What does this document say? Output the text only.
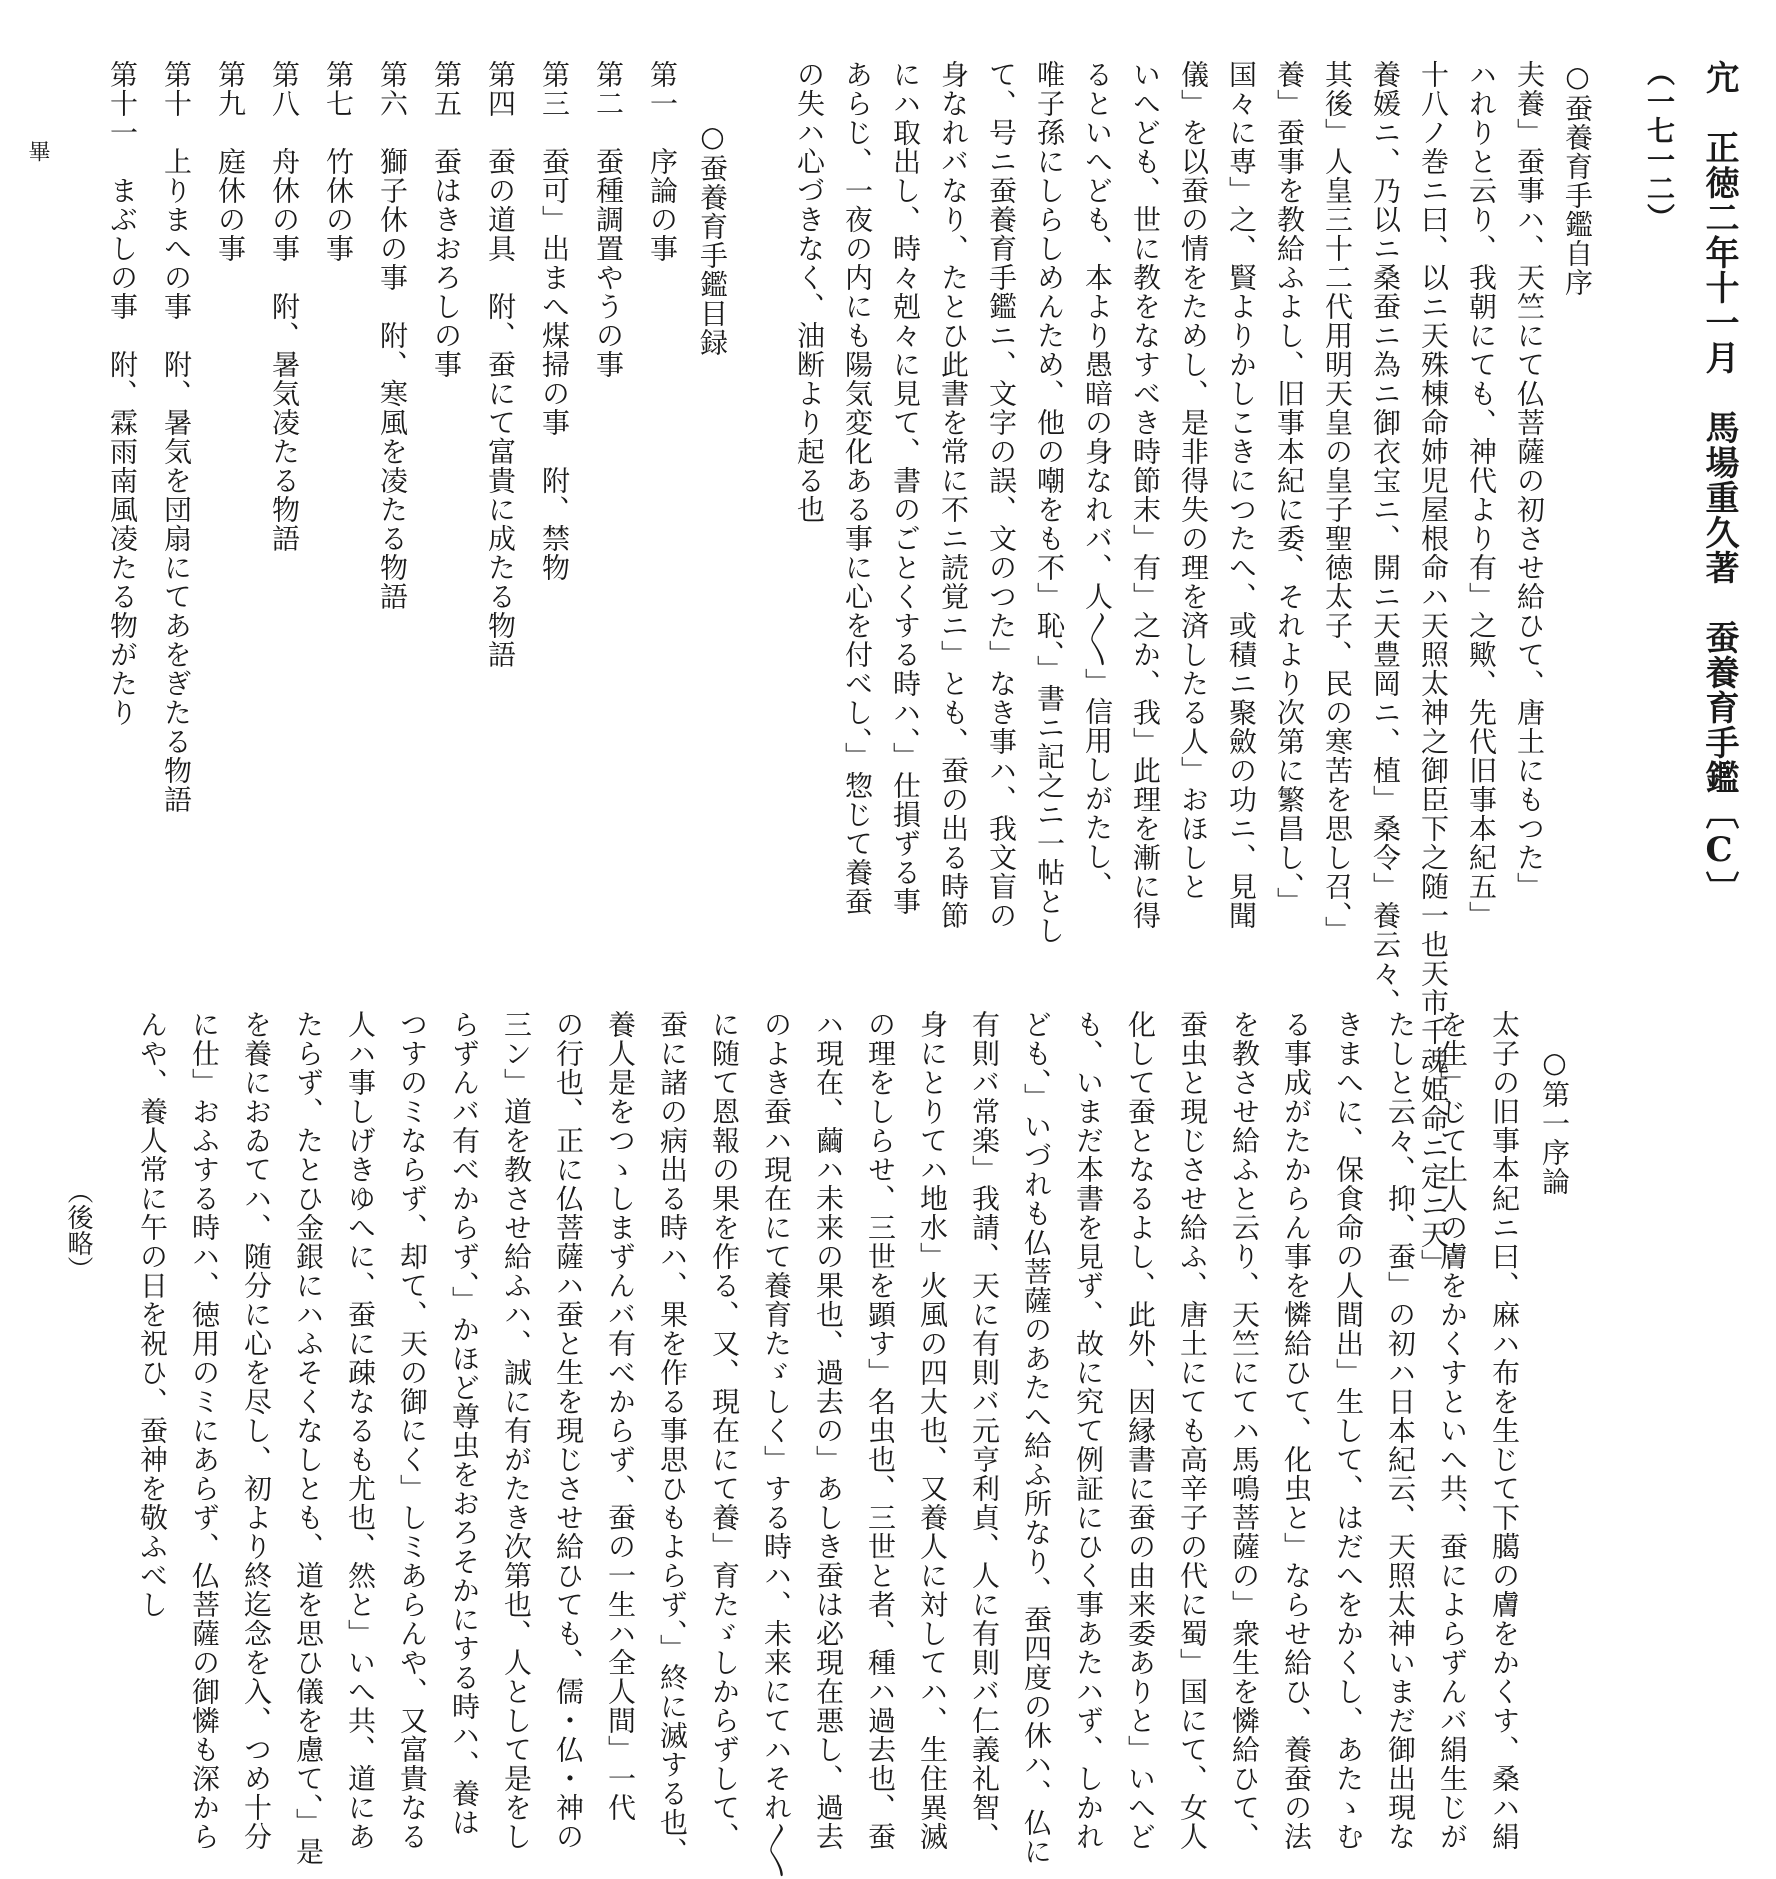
（一七一二） 宂　正徳二年十一月　馬場重久著　蚕養育手鑑〔C〕
○蚕養育手鑑自序
夫養」蚕事ハ、天竺にて仏菩薩の初させ給ひて、唐土にもつた」
ハれりと云り、我朝にても、神代より有」之歟、先代旧事本紀五」
十八ノ巻ニ曰、以ニ天殊棟命姉児屋根命ハ天照太神之御臣下之随一也天市千魂姫命ニ定ニ天」
養媛ニ、乃以ニ桑蚕ニ為ニ御衣宝ニ、開ニ天豊岡ニ、植」桑令」養云々、
其後」人皇三十二代用明天皇の皇子聖徳太子、民の寒苦を思し召、」
養」蚕事を教給ふよし、旧事本紀に委、それより次第に繁昌し、」
国々に専」之、賢よりかしこきにつたへ、或積ニ聚斂の功ニ、見聞
儀」を以蚕の情をためし、是非得失の理を済したる人」おほしと
いへども、世に教をなすべき時節末」有」之か、我」此理を漸に得
るといへども、本より愚暗の身なれバ、人〳〵」信用しがたし、
唯子孫にしらしめんため、他の嘲をも不」恥、」書ニ記之ニ一帖とし
て、号ニ蚕養育手鑑ニ、文字の誤、文のつた」なき事ハ、我文盲の
身なれバなり、たとひ此書を常に不ニ読覚ニ」とも、蚕の出る時節
にハ取出し、時々剋々に見て、書のごとくする時ハ、」仕損ずる事
あらじ、一夜の内にも陽気変化ある事に心を付べし、」惣じて養蚕
の失ハ心づきなく、油断より起る也
○蚕養育手鑑目録
第一　序論の事
第二　蚕種調置やうの事
第三　蚕可」出まへ煤掃の事　附、禁物
第四　蚕の道具　附、蚕にて富貴に成たる物語
第五　蚕はきおろしの事
第六　獅子休の事　附、寒風を凌たる物語
第七　竹休の事
第八　舟休の事　附、暑気凌たる物語
第九　庭休の事
第十　上りまへの事　附、暑気を団扇にてあをぎたる物語
第十一　まぶしの事　附、霖雨南風凌たる物がたり
○第一序論
太子の旧事本紀ニ曰、麻ハ布を生じて下臈の膚をかくす、桑ハ絹
を生」じて上人の膚をかくすといへ共、蚕によらずんバ絹生じが
たしと云々、抑、蚕」の初ハ日本紀云、天照太神いまだ御出現な
きまへに、保食命の人間出」生して、はだへをかくし、あたゝむ
る事成がたからん事を憐給ひて、化虫と」ならせ給ひ、養蚕の法
を教させ給ふと云り、天竺にてハ馬鳴菩薩の」衆生を憐給ひて、
蚕虫と現じさせ給ふ、唐土にても高辛子の代に蜀」国にて、女人
化して蚕となるよし、此外、因縁書に蚕の由来委ありと」いへど
も、いまだ本書を見ず、故に究て例証にひく事あたハず、しかれ
ども、」いづれも仏菩薩のあたへ給ふ所なり、蚕四度の休ハ、仏に
有則バ常楽」我請、天に有則バ元亨利貞、人に有則バ仁義礼智、
身にとりてハ地水」火風の四大也、又養人に対してハ、生住異滅
の理をしらせ、三世を顕す」名虫也、三世と者、種ハ過去也、蚕
ハ現在、繭ハ未来の果也、過去の」あしき蚕は必現在悪し、過去
のよき蚕ハ現在にて養育たゞしく」する時ハ、未来にてハそれ〳〵
に随て恩報の果を作る、又、現在にて養」育たゞしからずして、
蚕に諸の病出る時ハ、果を作る事思ひもよらず、」終に滅する也、
養人是をつゝしまずんバ有べからず、蚕の一生ハ全人間」一代
の行也、正に仏菩薩ハ蚕と生を現じさせ給ひても、儒・仏・神の
三ン」道を教させ給ふハ、誠に有がたき次第也、人として是をし
らずんバ有べからず、」かほど尊虫をおろそかにする時ハ、養は
つすのミならず、却て、天の御にく」しミあらんや、又富貴なる
人ハ事しげきゆへに、蚕に疎なるも尤也、然と」いへ共、道にあ
たらず、たとひ金銀にハふそくなしとも、道を思ひ儀を慮て、」是
を養におゐてハ、随分に心を尽し、初より終迄念を入、つめ十分
に仕」おふする時ハ、徳用のミにあらず、仏菩薩の御憐も深から
んや、養人常に午の日を祝ひ、蚕神を敬ふべし
（後略）
畢
